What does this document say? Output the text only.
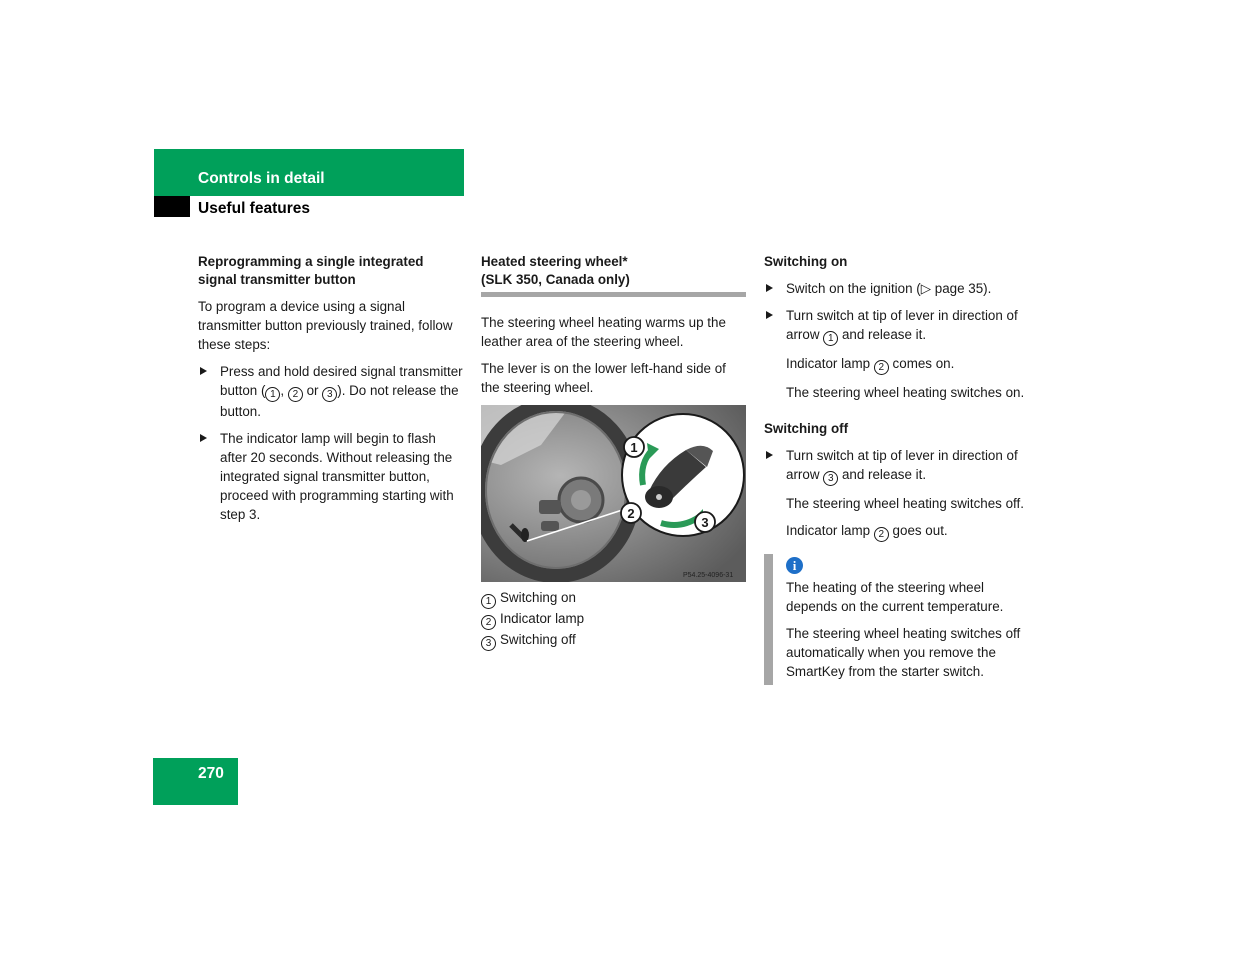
Controls in detail
Useful features
Reprogramming a single integrated
signal transmitter button

To program a device using a signal transmitter button previously trained, follow these steps:

Press and hold desired signal transmitter button ( 1 , 2 or 3 ). Do not release the button.
The indicator lamp will begin to flash after 20 seconds. Without releasing the integrated signal transmitter button, proceed with programming starting with step 3.
Heated steering wheel*
(SLK 350, Canada only)

The steering wheel heating warms up the leather area of the steering wheel.

The lever is on the lower left-hand side of the steering wheel.

1
2
3
P54.25-4096-31
1 Switching on
2 Indicator lamp
3 Switching off
Switching on
Switch on the ignition (▷ page 35).
Turn switch at tip of lever in direction of arrow 1 and release it.

Indicator lamp 2 comes on.

The steering wheel heating switches on.

Switching off
Turn switch at tip of lever in direction of arrow 3 and release it.

The steering wheel heating switches off.

Indicator lamp 2 goes out.

i

The heating of the steering wheel depends on the current temperature.

The steering wheel heating switches off automatically when you remove the SmartKey from the starter switch.

270
